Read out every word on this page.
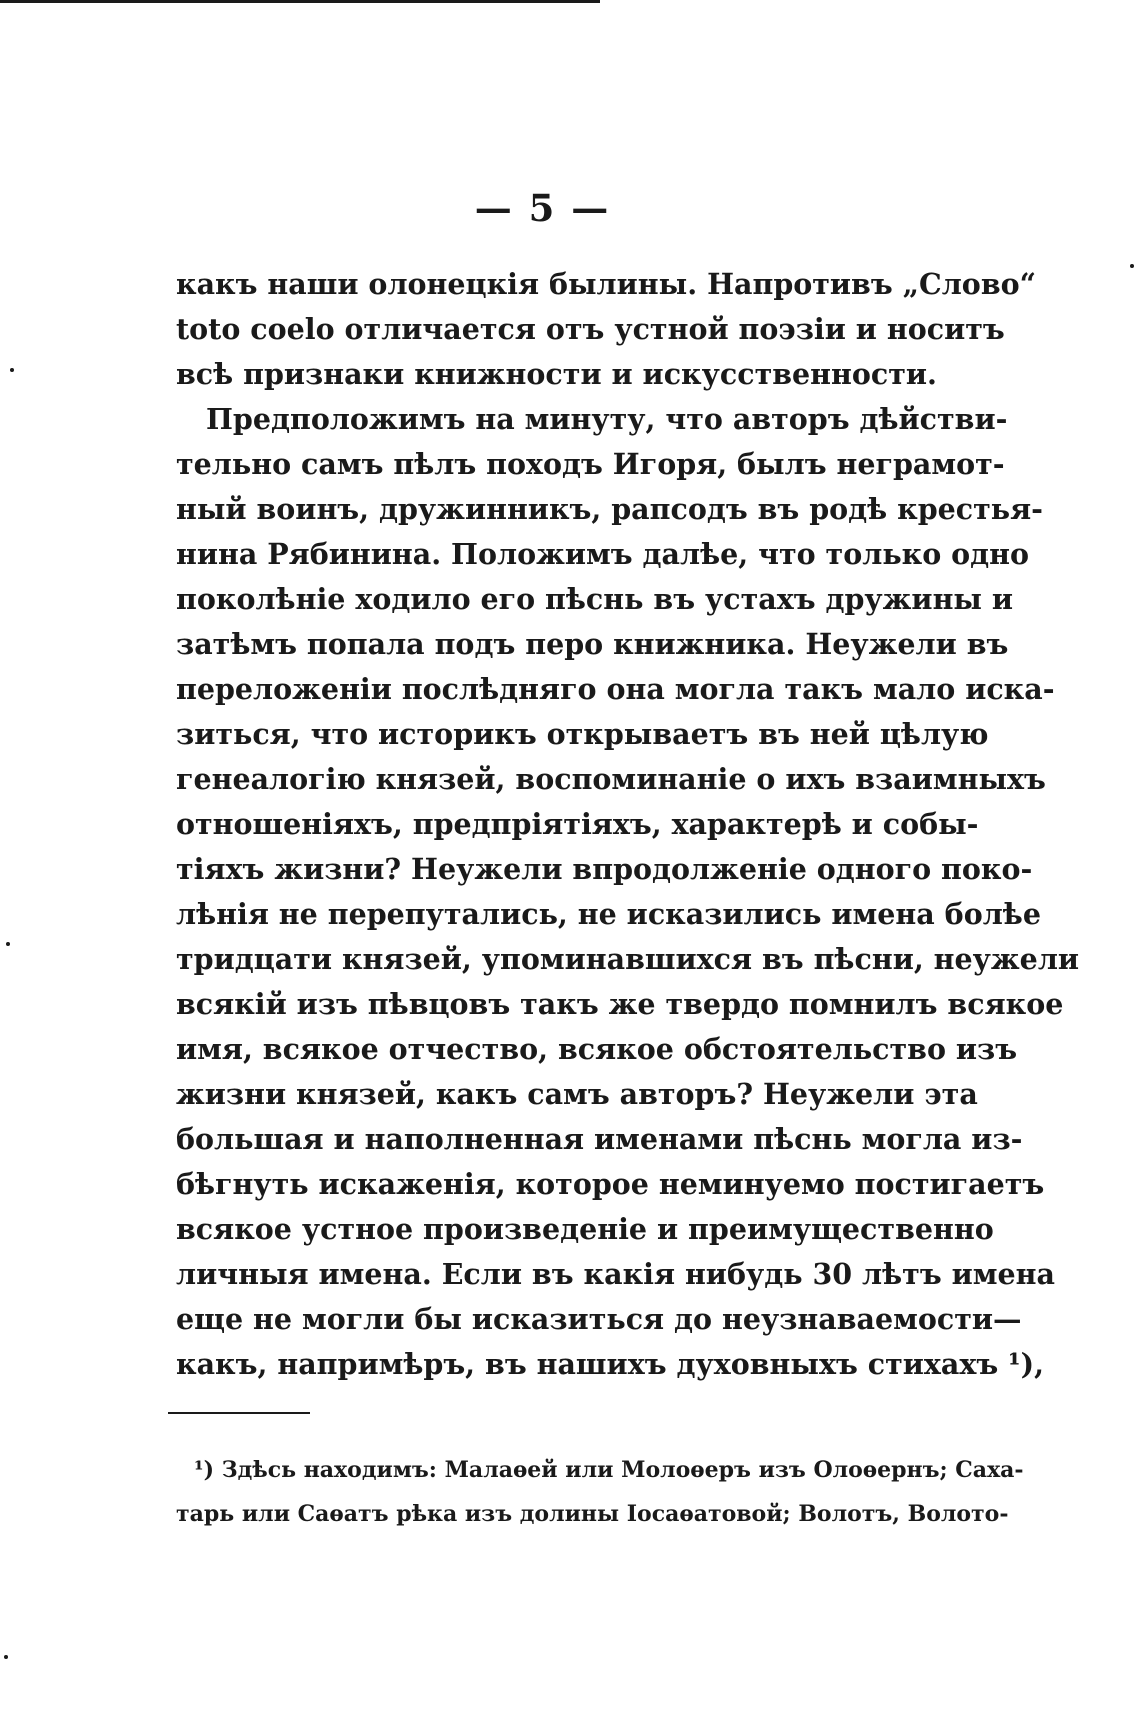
— 5 —
какъ наши олонецкія былины. Напротивъ „Слово“
toto coelo отличается отъ устной поэзіи и носитъ
всѣ признаки книжности и искусственности.
Предположимъ на минуту, что авторъ дѣйстви-
тельно самъ пѣлъ походъ Игоря, былъ неграмот-
ный воинъ, дружинникъ, рапсодъ въ родѣ крестья-
нина Рябинина. Положимъ далѣе, что только одно
поколѣніе ходило его пѣснь въ устахъ дружины и
затѣмъ попала подъ перо книжника. Неужели въ
переложеніи послѣдняго она могла такъ мало иска-
зиться, что историкъ открываетъ въ ней цѣлую
генеалогію князей, воспоминаніе о ихъ взаимныхъ
отношеніяхъ, предпріятіяхъ, характерѣ и собы-
тіяхъ жизни? Неужели впродолженіе одного поко-
лѣнія не перепутались, не исказились имена болѣе
тридцати князей, упоминавшихся въ пѣсни, неужели
всякій изъ пѣвцовъ такъ же твердо помнилъ всякое
имя, всякое отчество, всякое обстоятельство изъ
жизни князей, какъ самъ авторъ? Неужели эта
большая и наполненная именами пѣснь могла из-
бѣгнуть искаженія, которое неминуемо постигаетъ
всякое устное произведеніе и преимущественно
личныя имена. Если въ какія нибудь 30 лѣтъ имена
еще не могли бы исказиться до неузнаваемости—
какъ, напримѣръ, въ нашихъ духовныхъ стихахъ ¹),
¹) Здѣсь находимъ: Малаѳей или Молоѳеръ изъ Олоѳернъ; Саха-
тарь или Саѳатъ рѣка изъ долины Іосаѳатовой; Волотъ, Волото-
